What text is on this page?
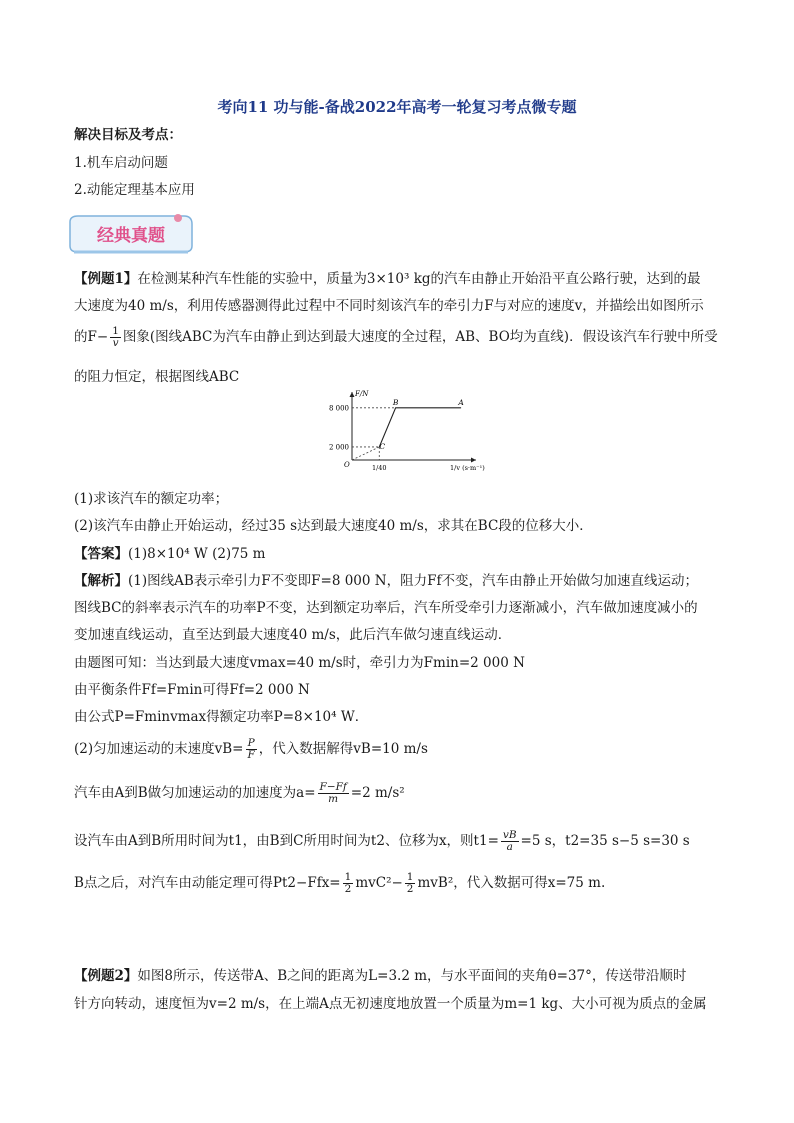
考向11 功与能-备战2022年高考一轮复习考点微专题
解决目标及考点：
1.机车启动问题
2.动能定理基本应用
经典真题
【例题1】在检测某种汽车性能的实验中，质量为3×10³ kg的汽车由静止开始沿平直公路行驶，达到的最
大速度为40 m/s，利用传感器测得此过程中不同时刻该汽车的牵引力F与对应的速度v，并描绘出如图所示
的$F- \frac{1}{v}$ 图象(图线ABC为汽车由静止到达到最大速度的全过程，AB、BO均为直线)．假设该汽车行驶中所受
的阻力恒定，根据图线ABC
F/N
1/v (s·m⁻¹)
O
8 000
2 000
1/40
A
B
C
(1)求该汽车的额定功率；
(2)该汽车由静止开始运动，经过35 s达到最大速度40 m/s，求其在BC段的位移大小．
【答案】(1)8×10⁴ W (2)75 m
【解析】(1)图线AB表示牵引力F不变即F=8 000 N，阻力Ff不变，汽车由静止开始做匀加速直线运动；
图线BC的斜率表示汽车的功率P不变，达到额定功率后，汽车所受牵引力逐渐减小，汽车做加速度减小的
变加速直线运动，直至达到最大速度40 m/s，此后汽车做匀速直线运动．
由题图可知：当达到最大速度vmax=40 m/s时，牵引力为Fmin=2 000 N
由平衡条件Ff=Fmin可得Ff=2 000 N
由公式P=Fminvmax得额定功率P=8×10⁴ W．
(2)匀加速运动的末速度$vB= \frac{P}{F}$ ，代入数据解得vB=10 m/s
汽车由A到B做匀加速运动的加速度为$a= \frac{F-Ff}{m} =2$ m/s²
设汽车由A到B所用时间为t1，由B到C所用时间为t2、位移为x，则$t1= \frac{vB}{a} =5$ s，t2=35 s−5 s=30 s
B点之后，对汽车由动能定理可得$Pt2-Ffx= \frac{1}{2} mvC^2- \frac{1}{2} mvB^2$，代入数据可得x=75 m.
【例题2】如图8所示，传送带A、B之间的距离为L=3.2 m，与水平面间的夹角θ=37°，传送带沿顺时
针方向转动，速度恒为v=2 m/s，在上端A点无初速度地放置一个质量为m=1 kg、大小可视为质点的金属
